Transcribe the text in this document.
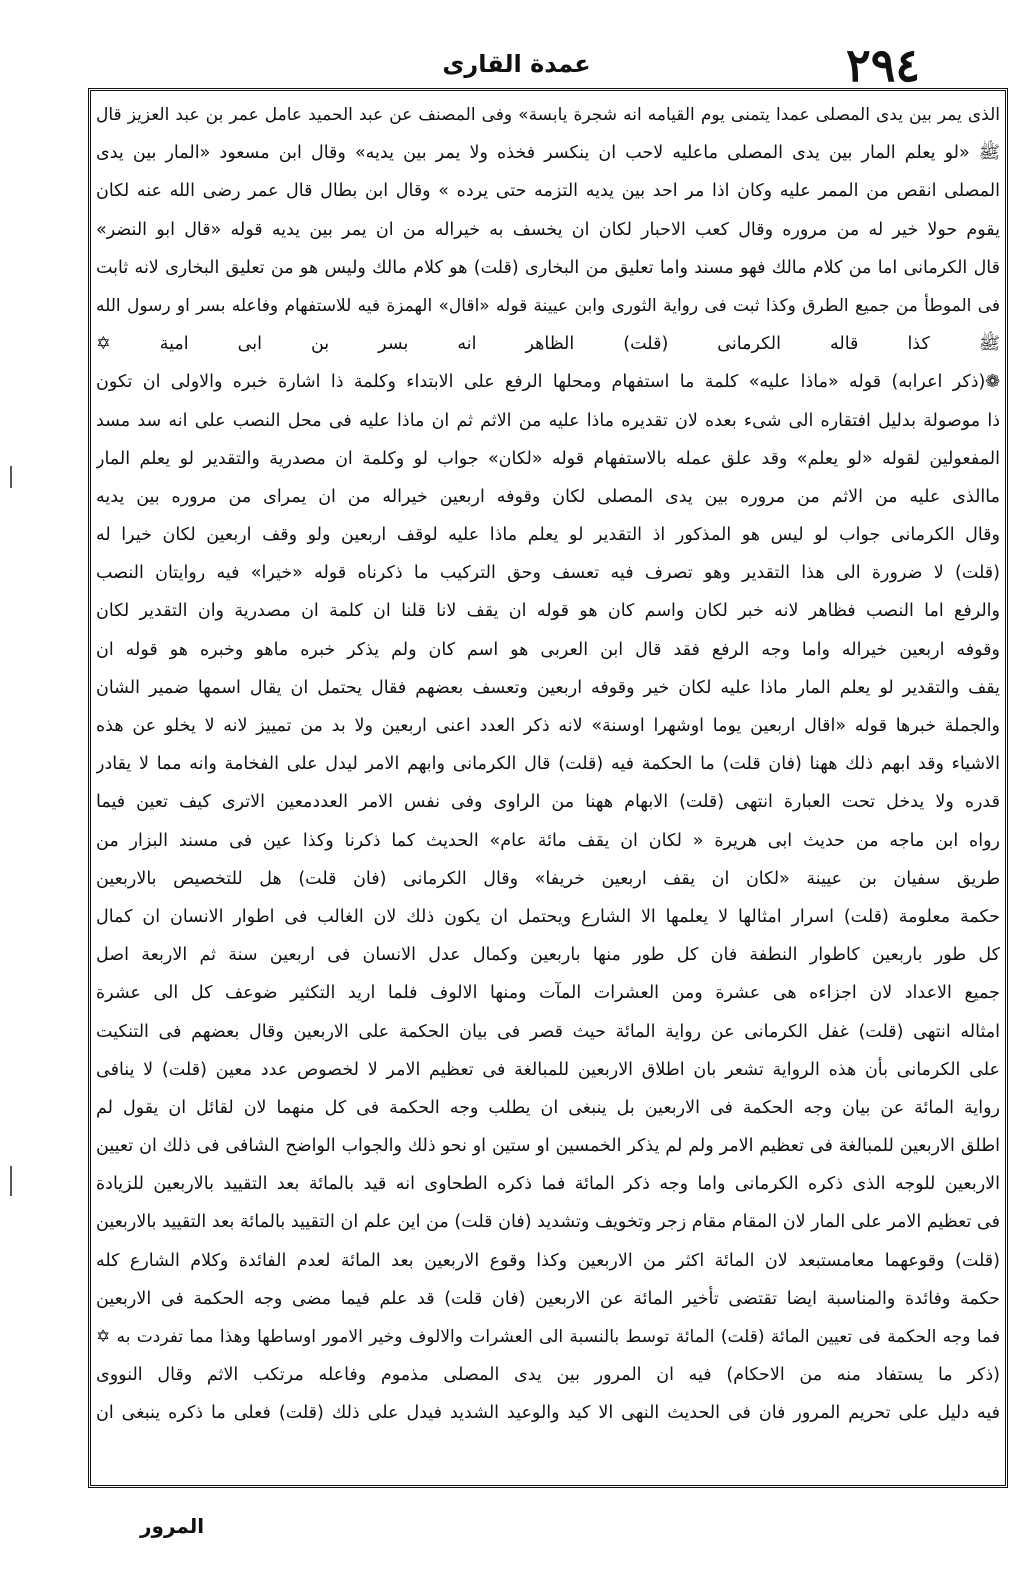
٢٩٤
عمدة القارى
الذى يمر بين يدى المصلى عمدا يتمنى يوم القيامه انه شجرة يابسة» وفى المصنف عن عبد الحميد عامل عمر بن عبد العزيز قال
ﷺ «لو يعلم المار بين يدى المصلى ماعليه لاحب ان ينكسر فخذه ولا يمر بين يديه» وقال ابن مسعود «المار بين يدى
المصلى انقص من الممر عليه وكان اذا مر احد بين يديه التزمه حتى يرده » وقال ابن بطال قال عمر رضى الله عنه لكان
يقوم حولا خير له من مروره وقال كعب الاحبار لكان ان يخسف به خيراله من ان يمر بين يديه قوله «قال ابو النضر»
قال الكرمانى اما من كلام مالك فهو مسند واما تعليق من البخارى (قلت) هو كلام مالك وليس هو من تعليق البخارى لانه ثابت
فى الموطأ من جميع الطرق وكذا ثبت فى رواية الثورى وابن عيينة قوله «اقال» الهمزة فيه للاستفهام وفاعله بسر او رسول الله
ﷺ كذا قاله الكرمانى (قلت) الظاهر انه بسر بن ابى امية ✡
❁(ذكر اعرابه) قوله «ماذا عليه» كلمة ما استفهام ومحلها الرفع على الابتداء وكلمة ذا اشارة خبره والاولى ان تكون
ذا موصولة بدليل افتقاره الى شىء بعده لان تقديره ماذا عليه من الاثم ثم ان ماذا عليه فى محل النصب على انه سد مسد
المفعولين لقوله «لو يعلم» وقد علق عمله بالاستفهام قوله «لكان» جواب لو وكلمة ان مصدرية والتقدير لو يعلم المار
ماالذى عليه من الاثم من مروره بين يدى المصلى لكان وقوفه اربعين خيراله من ان يمراى من مروره بين يديه
وقال الكرمانى جواب لو ليس هو المذكور اذ التقدير لو يعلم ماذا عليه لوقف اربعين ولو وقف اربعين لكان خيرا له
(قلت) لا ضرورة الى هذا التقدير وهو تصرف فيه تعسف وحق التركيب ما ذكرناه قوله «خيرا» فيه روايتان النصب
والرفع اما النصب فظاهر لانه خبر لكان واسم كان هو قوله ان يقف لانا قلنا ان كلمة ان مصدرية وان التقدير لكان
وقوفه اربعين خيراله واما وجه الرفع فقد قال ابن العربى هو اسم كان ولم يذكر خبره ماهو وخبره هو قوله ان
يقف والتقدير لو يعلم المار ماذا عليه لكان خير وقوفه اربعين وتعسف بعضهم فقال يحتمل ان يقال اسمها ضمير الشان
والجملة خبرها قوله «اقال اربعين يوما اوشهرا اوسنة» لانه ذكر العدد اعنى اربعين ولا بد من تمييز لانه لا يخلو عن هذه
الاشياء وقد ابهم ذلك ههنا (فان قلت) ما الحكمة فيه (قلت) قال الكرمانى وابهم الامر ليدل على الفخامة وانه مما لا يقادر
قدره ولا يدخل تحت العبارة انتهى (قلت) الابهام ههنا من الراوى وفى نفس الامر العددمعين الاترى كيف تعين فيما
رواه ابن ماجه من حديث ابى هريرة « لكان ان يقف مائة عام» الحديث كما ذكرنا وكذا عين فى مسند البزار من
طريق سفيان بن عيينة «لكان ان يقف اربعين خريفا» وقال الكرمانى (فان قلت) هل للتخصيص بالاربعين
حكمة معلومة (قلت) اسرار امثالها لا يعلمها الا الشارع ويحتمل ان يكون ذلك لان الغالب فى اطوار الانسان ان كمال
كل طور باربعين كاطوار النطفة فان كل طور منها باربعين وكمال عدل الانسان فى اربعين سنة ثم الاربعة اصل
جميع الاعداد لان اجزاءه هى عشرة ومن العشرات المآت ومنها الالوف فلما اريد التكثير ضوعف كل الى عشرة
امثاله انتهى (قلت) غفل الكرمانى عن رواية المائة حيث قصر فى بيان الحكمة على الاربعين وقال بعضهم فى التنكيت
على الكرمانى بأن هذه الرواية تشعر بان اطلاق الاربعين للمبالغة فى تعظيم الامر لا لخصوص عدد معين (قلت) لا ينافى
رواية المائة عن بيان وجه الحكمة فى الاربعين بل ينبغى ان يطلب وجه الحكمة فى كل منهما لان لقائل ان يقول لم
اطلق الاربعين للمبالغة فى تعظيم الامر ولم لم يذكر الخمسين او ستين او نحو ذلك والجواب الواضح الشافى فى ذلك ان تعيين
الاربعين للوجه الذى ذكره الكرمانى واما وجه ذكر المائة فما ذكره الطحاوى انه قيد بالمائة بعد التقييد بالاربعين للزيادة
فى تعظيم الامر على المار لان المقام مقام زجر وتخويف وتشديد (فان قلت) من اين علم ان التقييد بالمائة بعد التقييد بالاربعين
(قلت) وقوعهما معامستبعد لان المائة اكثر من الاربعين وكذا وقوع الاربعين بعد المائة لعدم الفائدة وكلام الشارع كله
حكمة وفائدة والمناسبة ايضا تقتضى تأخير المائة عن الاربعين (فان قلت) قد علم فيما مضى وجه الحكمة فى الاربعين
فما وجه الحكمة فى تعيين المائة (قلت) المائة توسط بالنسبة الى العشرات والالوف وخير الامور اوساطها وهذا مما تفردت به ✡
(ذكر ما يستفاد منه من الاحكام) فيه ان المرور بين يدى المصلى مذموم وفاعله مرتكب الاثم وقال النووى
فيه دليل على تحريم المرور فان فى الحديث النهى الا كيد والوعيد الشديد فيدل على ذلك (قلت) فعلى ما ذكره ينبغى ان
المرور
